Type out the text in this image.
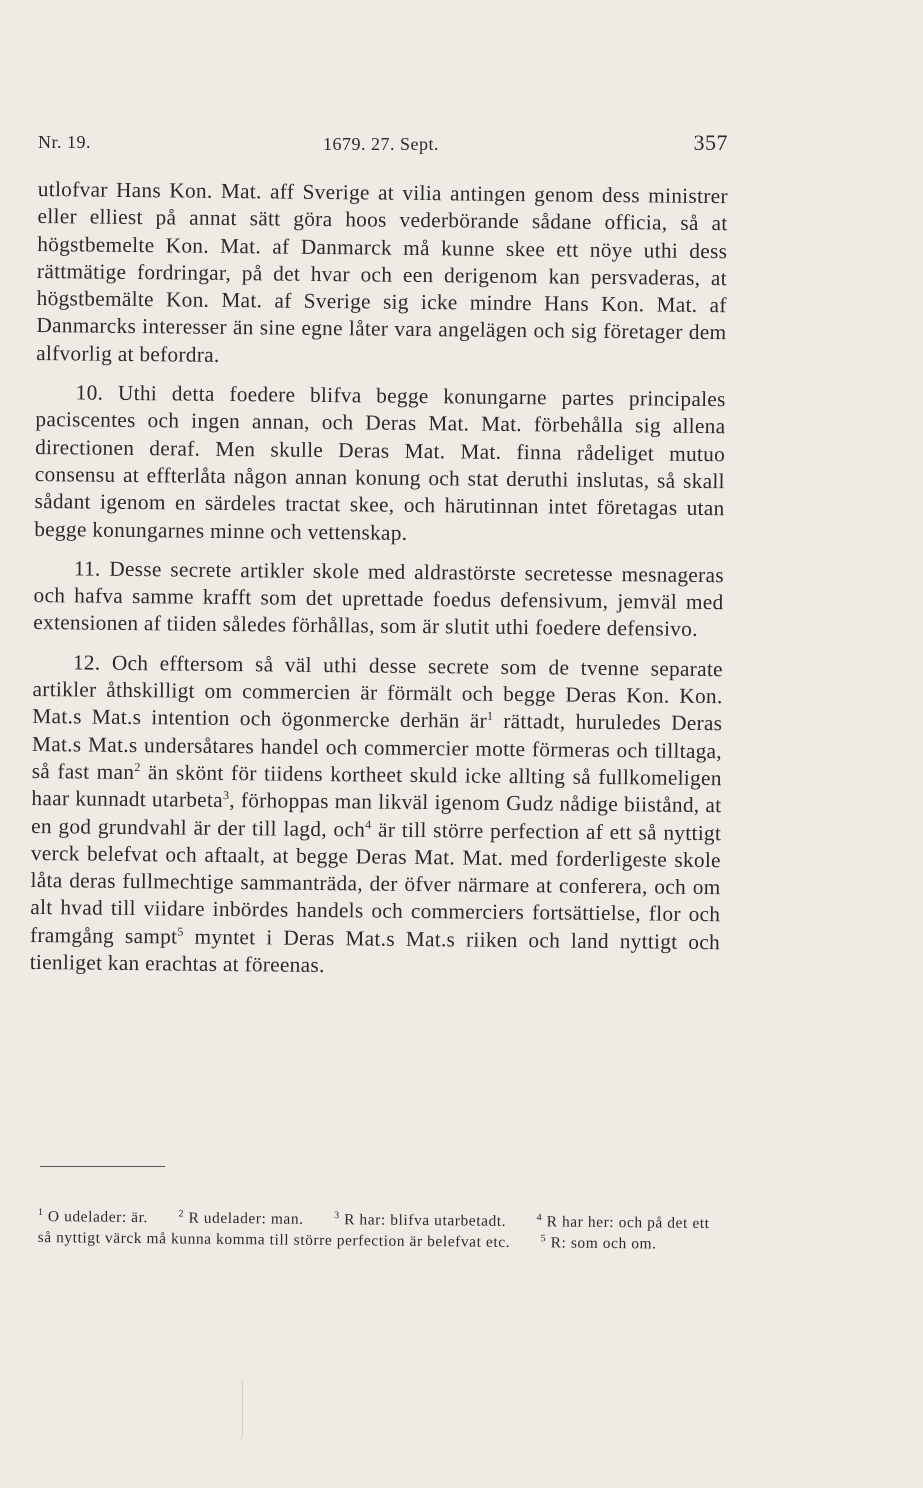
Nr. 19.	1679. 27. Sept.	357

utlofvar Hans Kon. Mat. aff Sverige at vilia antingen genom dess ministrer eller elliest på annat sätt göra hoos vederbörande sådane officia, så at högstbemelte Kon. Mat. af Danmarck må kunne skee ett nöye uthi dess rättmätige fordringar, på det hvar och een derigenom kan persvaderas, at högstbemälte Kon. Mat. af Sverige sig icke mindre Hans Kon. Mat. af Danmarcks interesser än sine egne låter vara angelägen och sig företager dem alfvorlig at befordra.

10. Uthi detta foedere blifva begge konungarne partes principales paciscentes och ingen annan, och Deras Mat. Mat. förbehålla sig allena directionen deraf. Men skulle Deras Mat. Mat. finna rådeliget mutuo consensu at effterlåta någon annan konung och stat deruthi inslutas, så skall sådant igenom en särdeles tractat skee, och härutinnan intet företagas utan begge konungarnes minne och vettenskap.

11. Desse secrete artikler skole med aldrastörste secretesse mesnageras och hafva samme krafft som det uprettade foedus defensivum, jemväl med extensionen af tiiden således förhållas, som är slutit uthi foedere defensivo.

12. Och efftersom så väl uthi desse secrete som de tvenne separate artikler åthskilligt om commercien är förmält och begge Deras Kon. Kon. Mat.s Mat.s intention och ögonmercke derhän $är^1$ rättadt, huruledes Deras Mat.s Mat.s undersåtares handel och commercier motte förmeras och tilltaga, så fast man$^2$ än skönt för tiidens kortheet skuld icke allting så fullkomeligen haar kunnadt utarbeta$^3$, förhoppas man likväl igenom Gudz nådige biistånd, at en god grundvahl är der till lagd, och$^4$ är till större perfection af ett så nyttigt verck belefvat och aftaalt, at begge Deras Mat. Mat. med forderligeste skole låta deras fullmechtige sammanträda, der öfver närmare at conferera, och om alt hvad till viidare inbördes handels och commerciers fortsättielse, flor och framgång sampt$^5$ myntet i Deras Mat.s Mat.s riiken och land nyttigt och tienliget kan erachtas at föreenas.

$^1$ O udelader: är.	$^2$ R udelader: man.	$^3$ R har: blifva utarbetadt.	$^4$ R har her: och på det ett så nyttigt värck må kunna komma till större perfection är belefvat etc.	$^5$ R: som och om.
